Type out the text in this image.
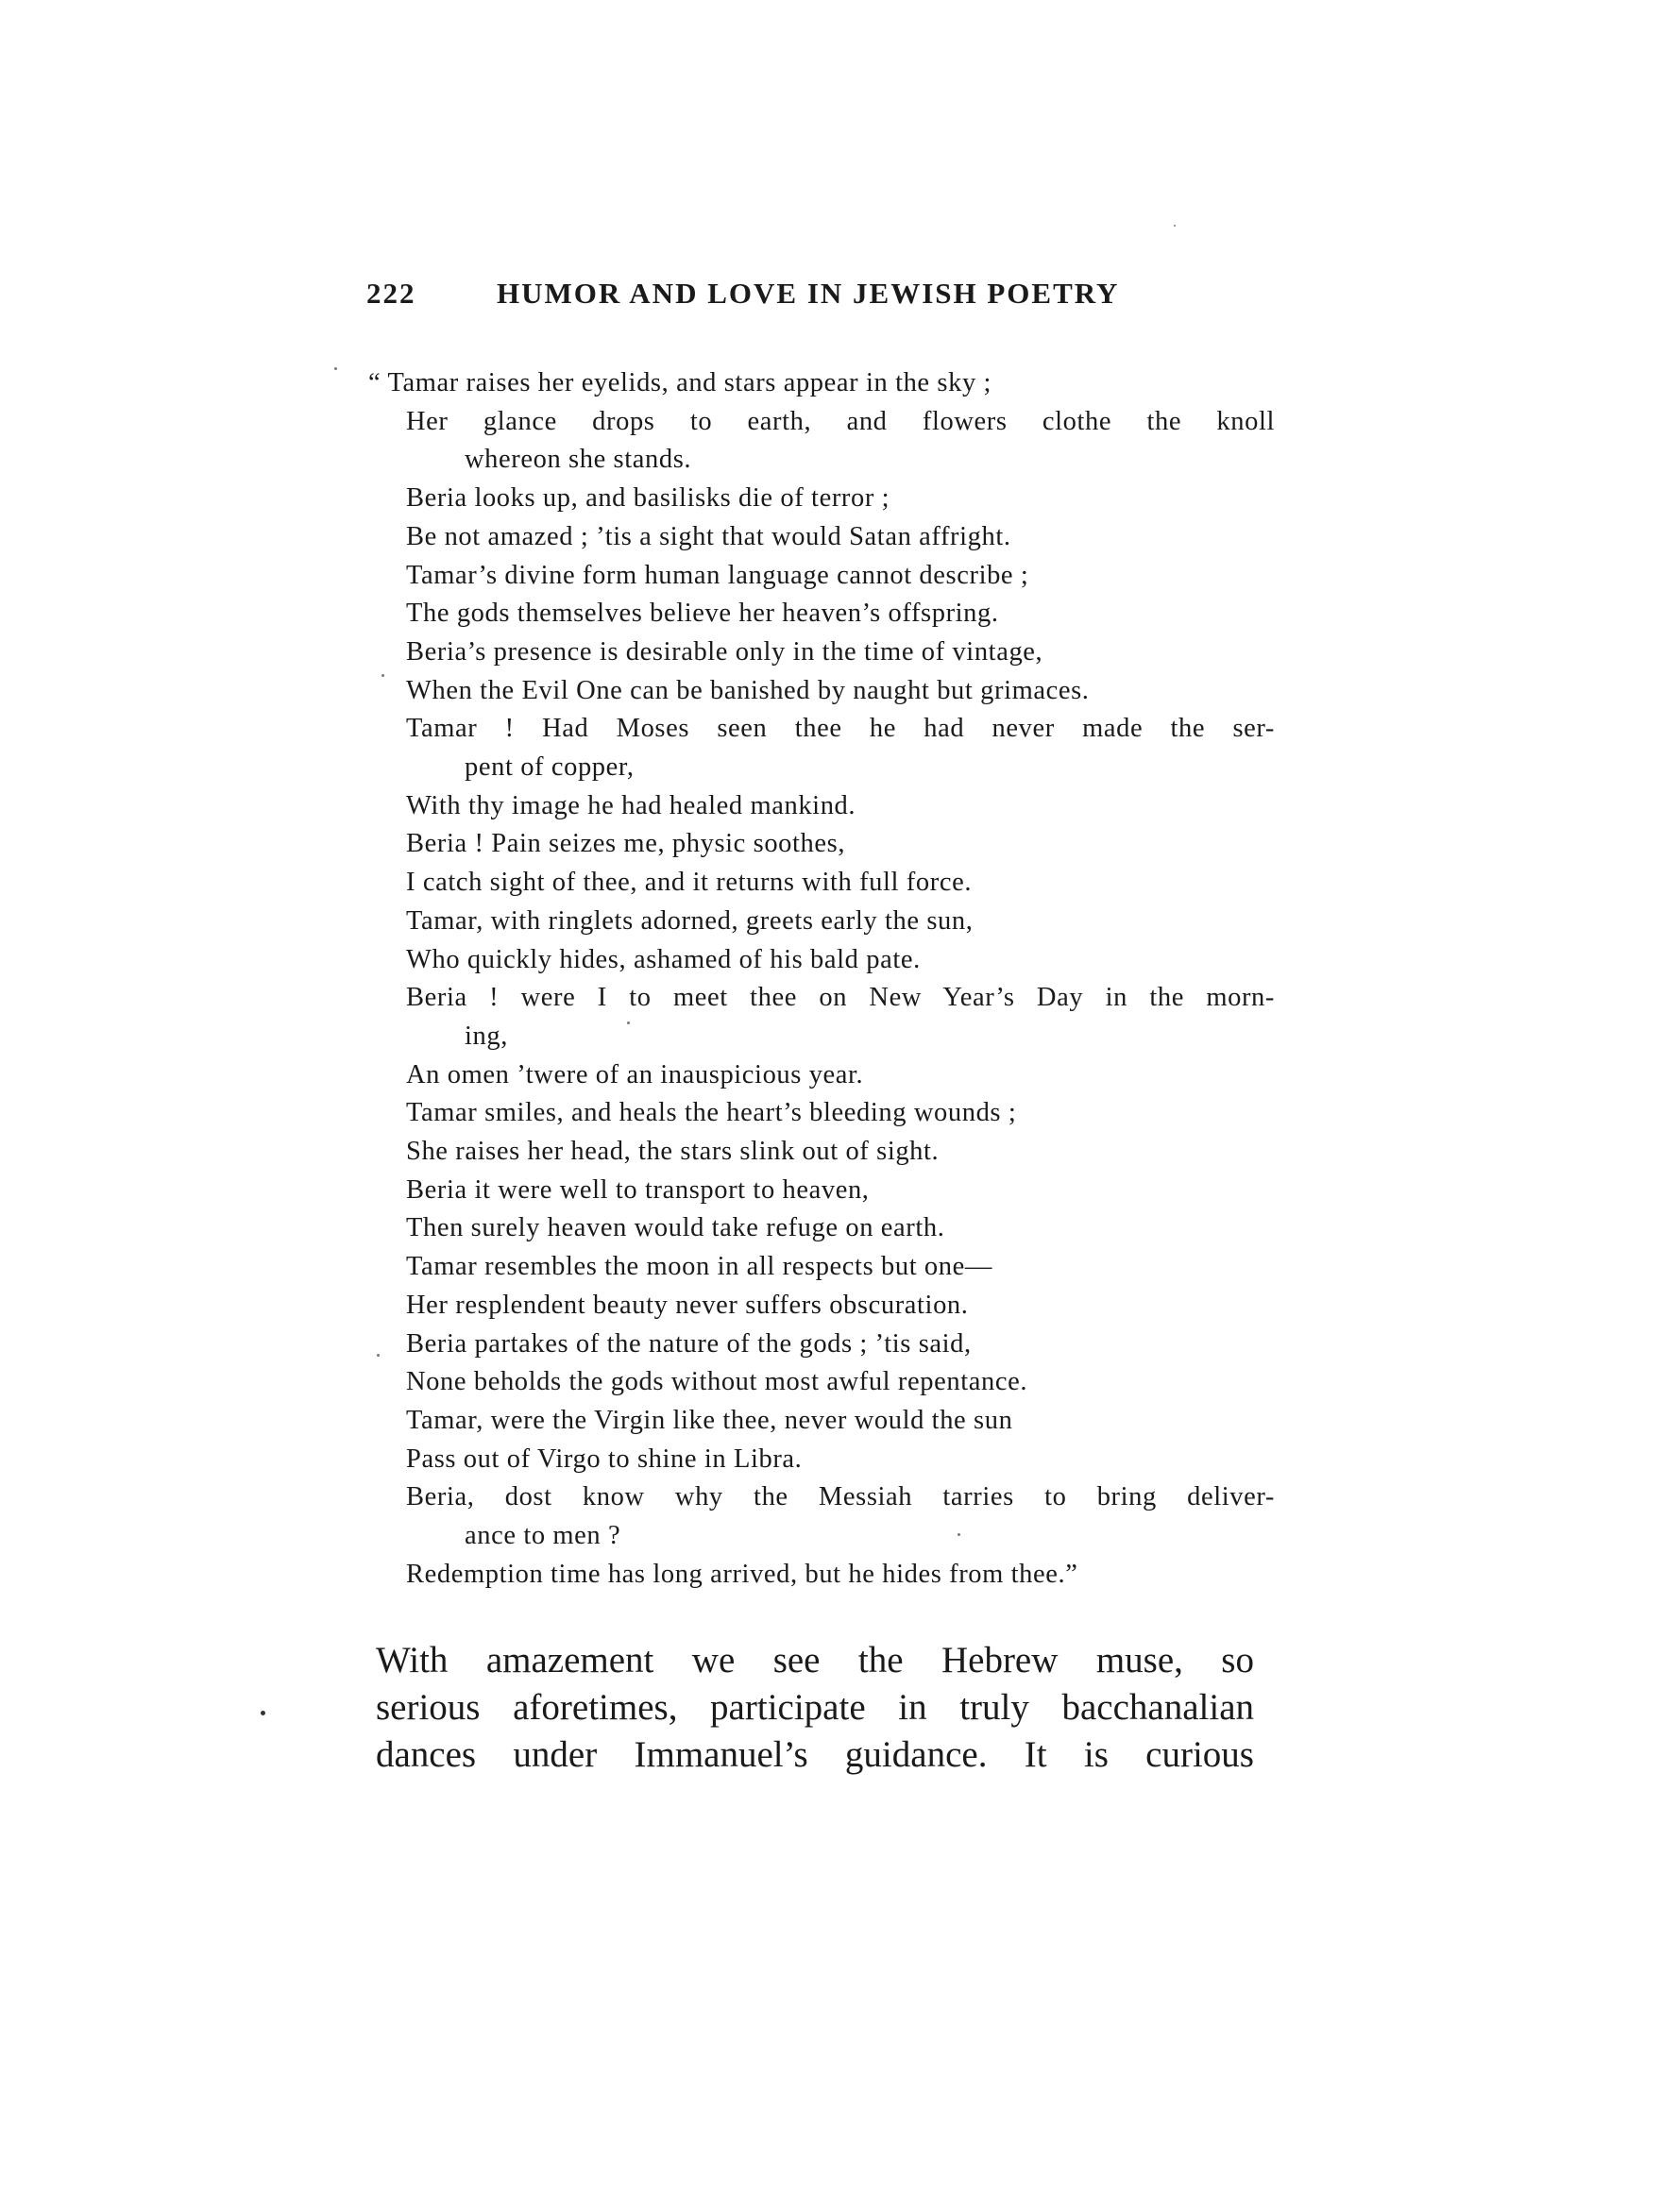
222	HUMOR AND LOVE IN JEWISH POETRY
“ Tamar raises her eyelids, and stars appear in the sky ;
Her glance drops to earth, and flowers clothe the knoll
whereon she stands.
Beria looks up, and basilisks die of terror ;
Be not amazed ; ’tis a sight that would Satan affright.
Tamar’s divine form human language cannot describe ;
The gods themselves believe her heaven’s offspring.
Beria’s presence is desirable only in the time of vintage,
When the Evil One can be banished by naught but grimaces.
Tamar ! Had Moses seen thee he had never made the ser-
pent of copper,
With thy image he had healed mankind.
Beria ! Pain seizes me, physic soothes,
I catch sight of thee, and it returns with full force.
Tamar, with ringlets adorned, greets early the sun,
Who quickly hides, ashamed of his bald pate.
Beria ! were I to meet thee on New Year’s Day in the morn-
ing,
An omen ’twere of an inauspicious year.
Tamar smiles, and heals the heart’s bleeding wounds ;
She raises her head, the stars slink out of sight.
Beria it were well to transport to heaven,
Then surely heaven would take refuge on earth.
Tamar resembles the moon in all respects but one—
Her resplendent beauty never suffers obscuration.
Beria partakes of the nature of the gods ; ’tis said,
None beholds the gods without most awful repentance.
Tamar, were the Virgin like thee, never would the sun
Pass out of Virgo to shine in Libra.
Beria, dost know why the Messiah tarries to bring deliver-
ance to men ?
Redemption time has long arrived, but he hides from thee.”
With amazement we see the Hebrew muse, so
serious aforetimes, participate in truly bacchanalian
dances under Immanuel’s guidance. It is curious
